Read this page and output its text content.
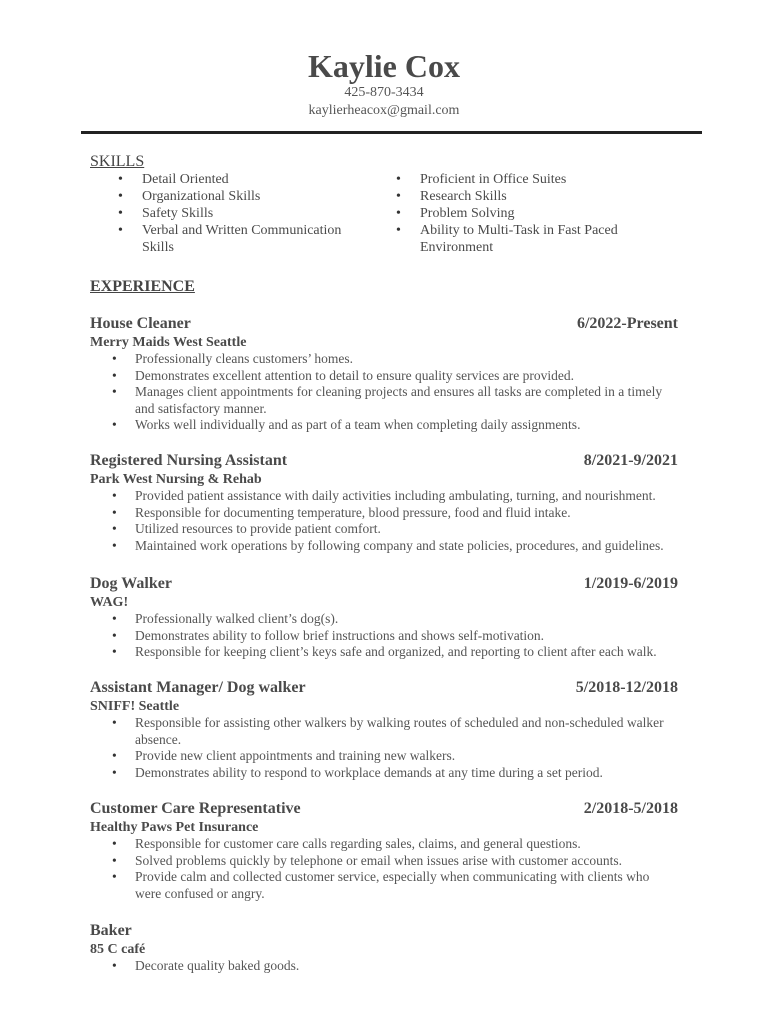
Kaylie Cox
425-870-3434
kaylierheacox@gmail.com
SKILLS
• Detail Oriented
• Organizational Skills
• Safety Skills
• Verbal and Written Communication Skills
• Proficient in Office Suites
• Research Skills
• Problem Solving
• Ability to Multi-Task in Fast Paced Environment
EXPERIENCE
House Cleaner	6/2022-Present
Merry Maids West Seattle
• Professionally cleans customers’ homes.
• Demonstrates excellent attention to detail to ensure quality services are provided.
• Manages client appointments for cleaning projects and ensures all tasks are completed in a timely and satisfactory manner.
• Works well individually and as part of a team when completing daily assignments.
Registered Nursing Assistant	8/2021-9/2021
Park West Nursing & Rehab
• Provided patient assistance with daily activities including ambulating, turning, and nourishment.
• Responsible for documenting temperature, blood pressure, food and fluid intake.
• Utilized resources to provide patient comfort.
• Maintained work operations by following company and state policies, procedures, and guidelines.
Dog Walker	1/2019-6/2019
WAG!
• Professionally walked client’s dog(s).
• Demonstrates ability to follow brief instructions and shows self-motivation.
• Responsible for keeping client’s keys safe and organized, and reporting to client after each walk.
Assistant Manager/ Dog walker	5/2018-12/2018
SNIFF! Seattle
• Responsible for assisting other walkers by walking routes of scheduled and non-scheduled walker absence.
• Provide new client appointments and training new walkers.
• Demonstrates ability to respond to workplace demands at any time during a set period.
Customer Care Representative	2/2018-5/2018
Healthy Paws Pet Insurance
• Responsible for customer care calls regarding sales, claims, and general questions.
• Solved problems quickly by telephone or email when issues arise with customer accounts.
• Provide calm and collected customer service, especially when communicating with clients who were confused or angry.
Baker
85 C café
• Decorate quality baked goods.
